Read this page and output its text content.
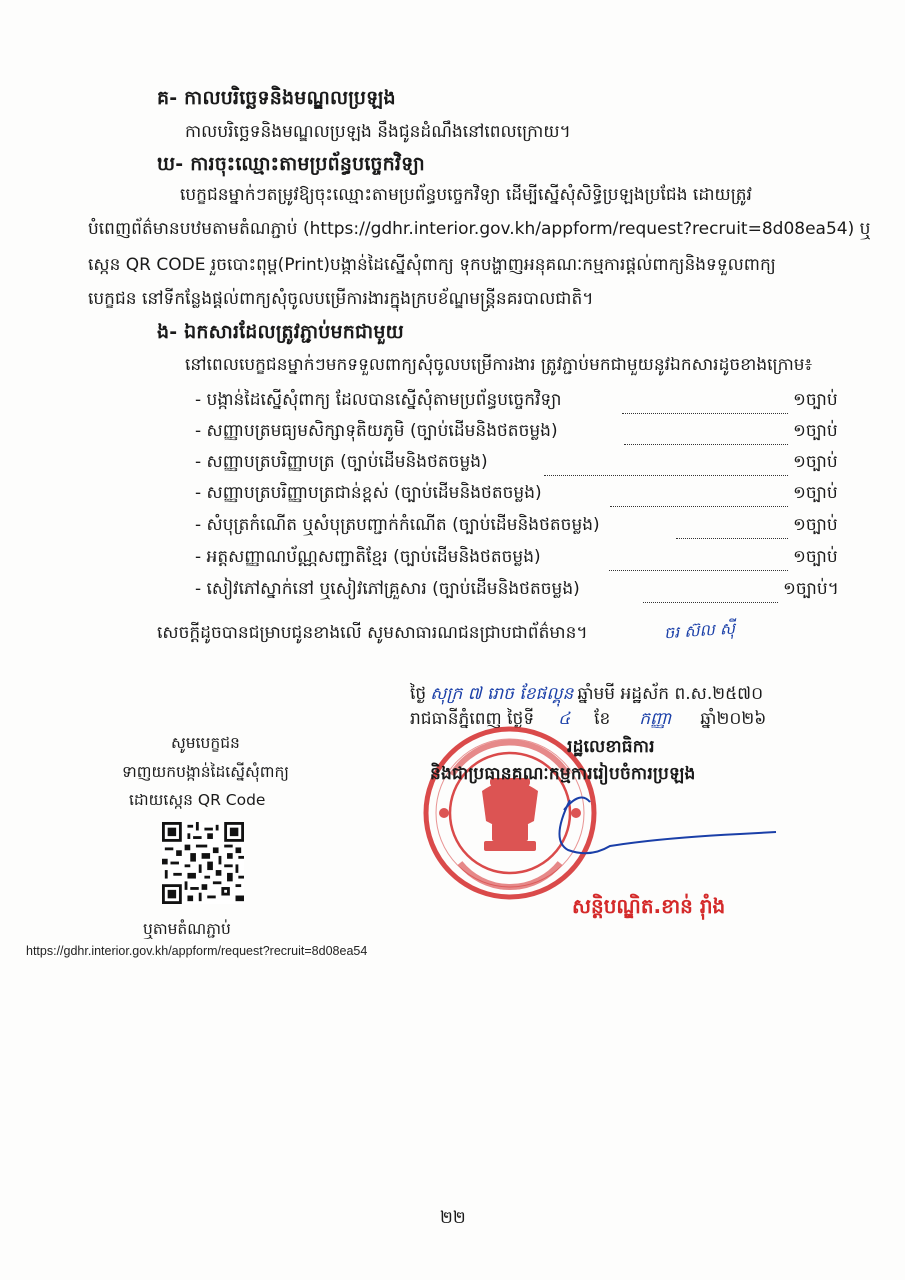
គ- កាលបរិច្ឆេទនិងមណ្ឌលប្រឡង
កាលបរិច្ឆេទនិងមណ្ឌលប្រឡង នឹងជូនដំណឹងនៅពេលក្រោយ។
ឃ- ការចុះឈ្មោះតាមប្រព័ន្ធបច្ចេកវិទ្យា
បេក្ខជនម្នាក់ៗតម្រូវឱ្យចុះឈ្មោះតាមប្រព័ន្ធបច្ចេកវិទ្យា ដើម្បីស្នើសុំសិទ្ធិប្រឡងប្រជែង ដោយត្រូវ
បំពេញព័ត៌មានបឋមតាមតំណភ្ជាប់ (https://gdhr.interior.gov.kh/appform/request?recruit=8d08ea54) ឬ
ស្កេន QR CODE រួចបោះពុម្ព(Print)បង្កាន់ដៃស្នើសុំពាក្យ ទុកបង្ហាញអនុគណៈកម្មការផ្តល់ពាក្យនិងទទួលពាក្យ
បេក្ខជន នៅទីកន្លែងផ្តល់ពាក្យសុំចូលបម្រើការងារក្នុងក្របខ័ណ្ឌមន្ត្រីនគរបាលជាតិ។
ង- ឯកសារដែលត្រូវភ្ជាប់មកជាមួយ
នៅពេលបេក្ខជនម្នាក់ៗមកទទួលពាក្យសុំចូលបម្រើការងារ ត្រូវភ្ជាប់មកជាមួយនូវឯកសារដូចខាងក្រោម៖
- បង្កាន់ដៃស្នើសុំពាក្យ ដែលបានស្នើសុំតាមប្រព័ន្ធបច្ចេកវិទ្យា	១ច្បាប់
- សញ្ញាបត្រមធ្យមសិក្សាទុតិយភូមិ (ច្បាប់ដើមនិងថតចម្លង)	១ច្បាប់
- សញ្ញាបត្របរិញ្ញាបត្រ (ច្បាប់ដើមនិងថតចម្លង)	១ច្បាប់
- សញ្ញាបត្របរិញ្ញាបត្រជាន់ខ្ពស់ (ច្បាប់ដើមនិងថតចម្លង)	១ច្បាប់
- សំបុត្រកំណើត ឬសំបុត្របញ្ជាក់កំណើត (ច្បាប់ដើមនិងថតចម្លង)	១ច្បាប់
- អត្តសញ្ញាណប័ណ្ណសញ្ជាតិខ្មែរ (ច្បាប់ដើមនិងថតចម្លង)	១ច្បាប់
- សៀវភៅស្នាក់នៅ ឬសៀវភៅគ្រួសារ (ច្បាប់ដើមនិងថតចម្លង)	១ច្បាប់។
សេចក្តីដូចបានជម្រាបជូនខាងលើ សូមសាធារណជនជ្រាបជាព័ត៌មាន។	ចរ ស៊ល ស៊ី
ថ្ងៃ សុក្រ ៧ រោច ខែផល្គុន ឆ្នាំមមី អដ្ឋស័ក ព.ស.២៥៧០
រាជធានីភ្នំពេញ ថ្ងៃទី ៤ ខែ កញ្ញា ឆ្នាំ២០២៦
រដ្ឋលេខាធិការ
និងជាប្រធានគណៈកម្មការរៀបចំការប្រឡង
សន្តិបណ្ឌិត.ខាន់ រ៉ាំង
សូមបេក្ខជន
ទាញយកបង្កាន់ដៃស្នើសុំពាក្យ
ដោយស្កេន QR Code
ឬតាមតំណភ្ជាប់
https://gdhr.interior.gov.kh/appform/request?recruit=8d08ea54
២២
